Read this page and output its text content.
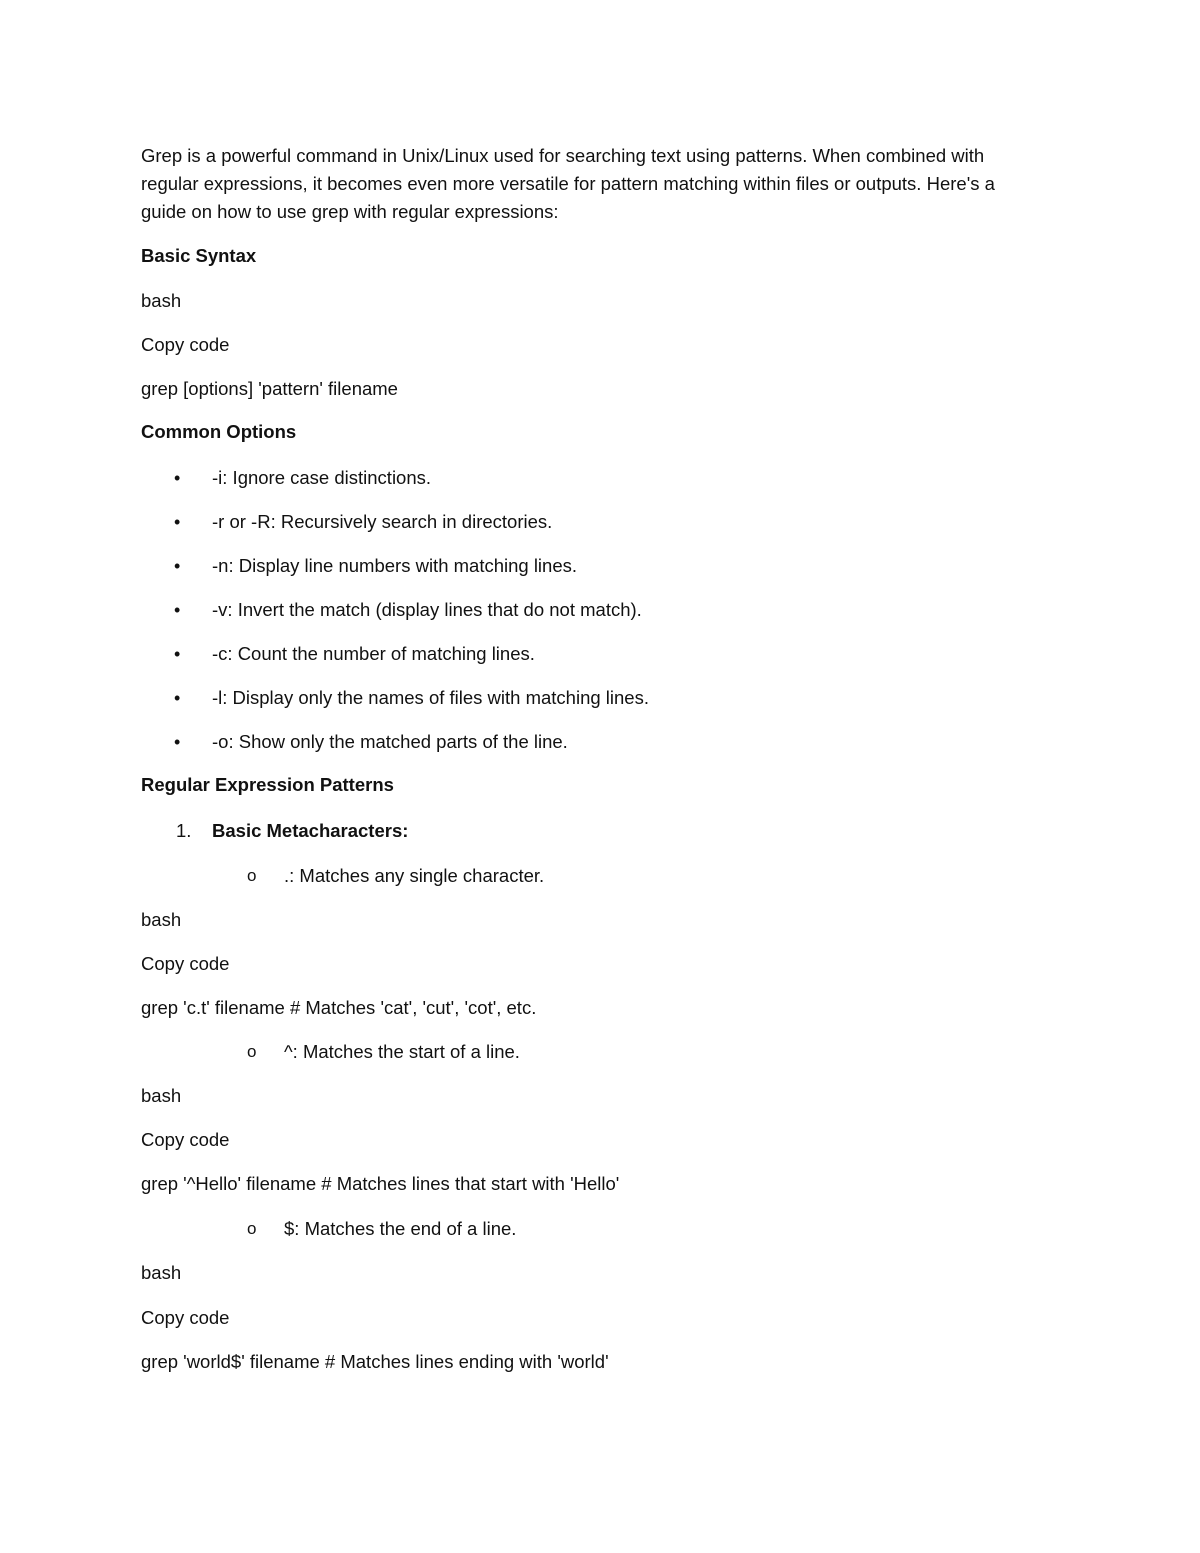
Grep is a powerful command in Unix/Linux used for searching text using patterns. When combined with
regular expressions, it becomes even more versatile for pattern matching within files or outputs. Here's a
guide on how to use grep with regular expressions:
Basic Syntax
bash
Copy code
grep [options] 'pattern' filename
Common Options
• -i: Ignore case distinctions.
• -r or -R: Recursively search in directories.
• -n: Display line numbers with matching lines.
• -v: Invert the match (display lines that do not match).
• -c: Count the number of matching lines.
• -l: Display only the names of files with matching lines.
• -o: Show only the matched parts of the line.
Regular Expression Patterns
1. Basic Metacharacters:
o .: Matches any single character.
bash
Copy code
grep 'c.t' filename # Matches 'cat', 'cut', 'cot', etc.
o ^: Matches the start of a line.
bash
Copy code
grep '^Hello' filename # Matches lines that start with 'Hello'
o $: Matches the end of a line.
bash
Copy code
grep 'world$' filename # Matches lines ending with 'world'
